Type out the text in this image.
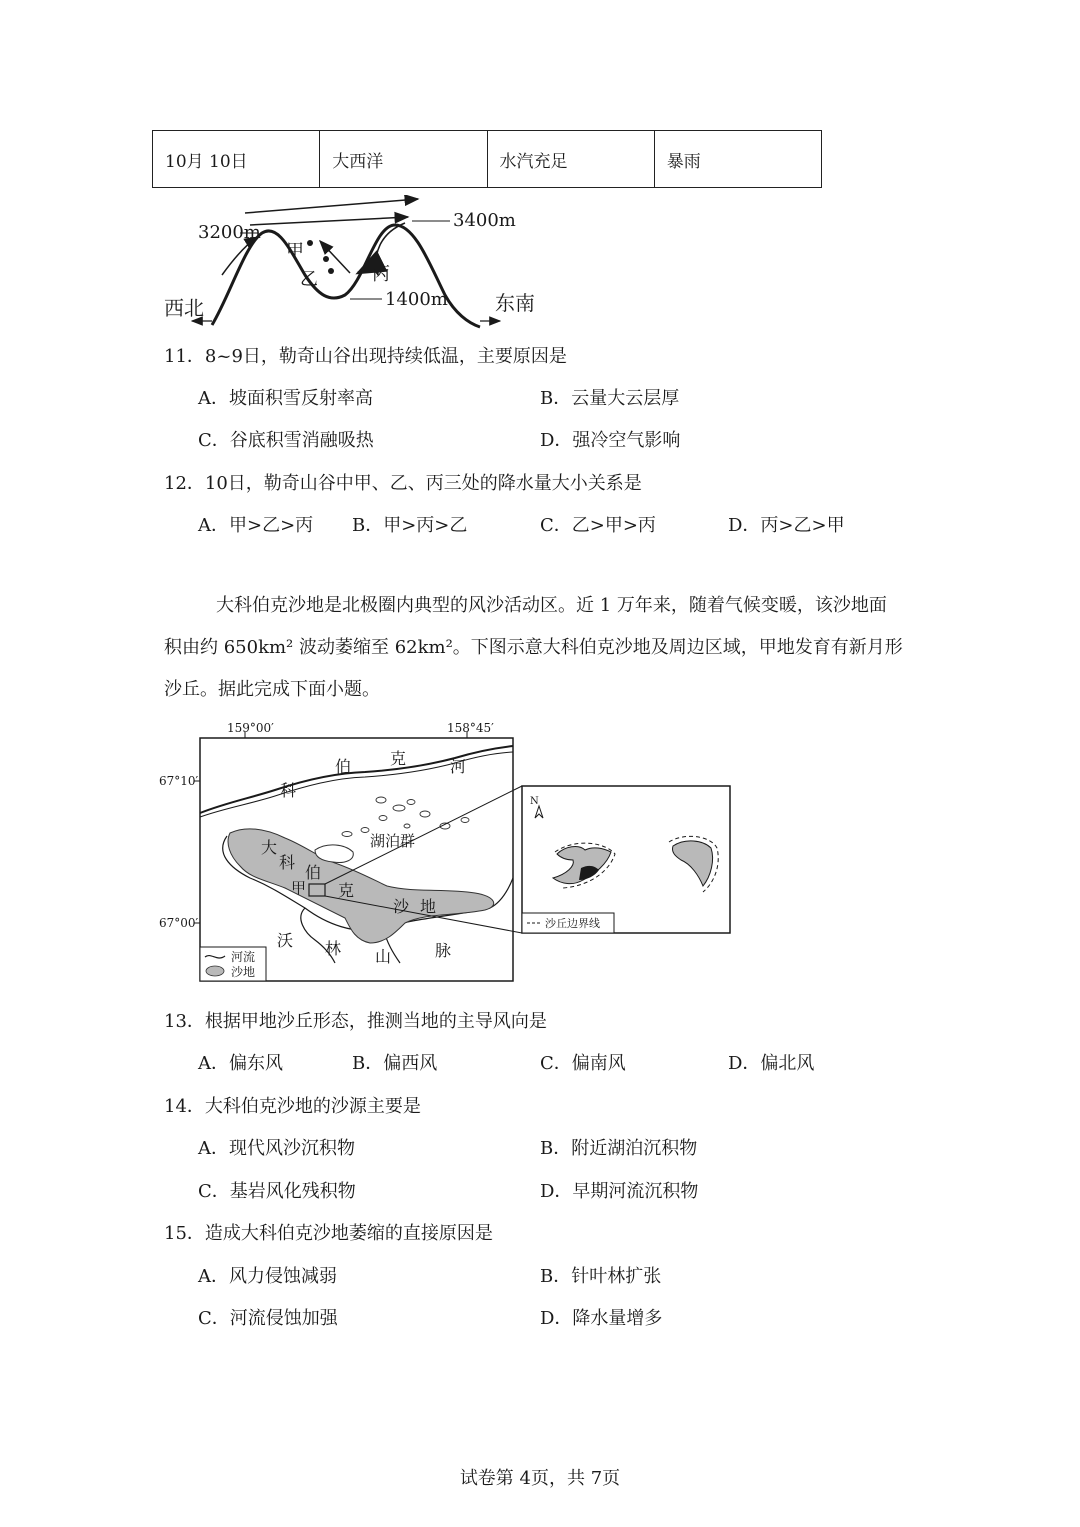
10月 10日	大西洋	水汽充足	暴雨
3200m
3400m
1400m
甲
乙	丙
西北	东南
11．8~9日，勒奇山谷出现持续低温，主要原因是
A．坡面积雪反射率高	B．云量大云层厚
C．谷底积雪消融吸热	D．强冷空气影响
12．10日，勒奇山谷中甲、乙、丙三处的降水量大小关系是
A．甲>乙>丙 B．甲>丙>乙	C．乙>甲>丙	D．丙>乙>甲
大科伯克沙地是北极圈内典型的风沙活动区。近 1 万年来，随着气候变暖，该沙地面
积由约 650km² 波动萎缩至 62km²。下图示意大科伯克沙地及周边区域，甲地发育有新月形
沙丘。据此完成下面小题。
159°00′	158°45′
67°10′
67°00′
科
伯 克	河
湖泊群
大
科
伯
克
沙 地
甲
沃 林 山	脉
河流
沙地
N
沙丘边界线
13．根据甲地沙丘形态，推测当地的主导风向是
A．偏东风	B．偏西风	C．偏南风	D．偏北风
14．大科伯克沙地的沙源主要是
A．现代风沙沉积物	B．附近湖泊沉积物
C．基岩风化残积物	D．早期河流沉积物
15．造成大科伯克沙地萎缩的直接原因是
A．风力侵蚀减弱	B．针叶林扩张
C．河流侵蚀加强	D．降水量增多
试卷第 4页，共 7页
